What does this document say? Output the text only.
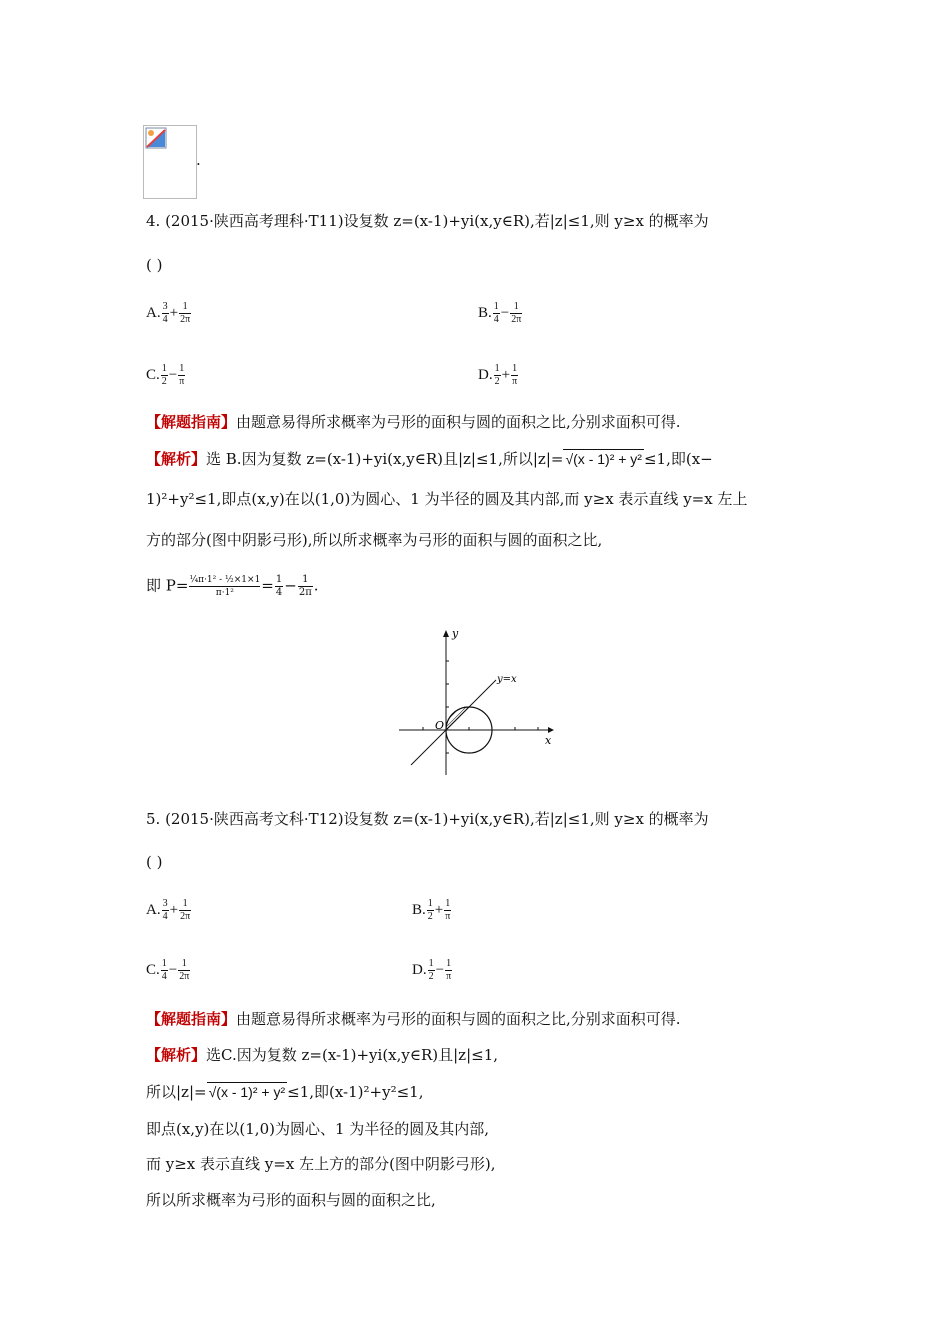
.
4. (2015·陕西高考理科·T11)设复数 z=(x-1)+yi(x,y∈R),若|z|≤1,则 y≥x 的概率为
( )
A. $\frac{3}{4} + \frac{1}{2\pi}$	B. $\frac{1}{4} - \frac{1}{2\pi}$
C. $\frac{1}{2} - \frac{1}{\pi}$	D. $\frac{1}{2} + \frac{1}{\pi}$
【解题指南】由题意易得所求概率为弓形的面积与圆的面积之比,分别求面积可得.
【解析】选 B.因为复数 z=(x-1)+yi(x,y∈R)且|z|≤1,所以|z|= √(x - 1)² + y² ≤1,即(x−
1)²+y²≤1,即点(x,y)在以(1,0)为圆心、1 为半径的圆及其内部,而 y≥x 表示直线 y=x 左上
方的部分(图中阴影弓形),所以所求概率为弓形的面积与圆的面积之比,
即 $P= \frac{\text{¼π·1² - ½×1×1}}{\text{π·1²}} = \frac{1}{4} - \frac{1}{2\pi}$ .
y
x
O
y=x
5. (2015·陕西高考文科·T12)设复数 z=(x-1)+yi(x,y∈R),若|z|≤1,则 y≥x 的概率为
( )
A. $\frac{3}{4} + \frac{1}{2\pi}$	B. $\frac{1}{2} + \frac{1}{\pi}$
C. $\frac{1}{4} - \frac{1}{2\pi}$	D. $\frac{1}{2} - \frac{1}{\pi}$
【解题指南】由题意易得所求概率为弓形的面积与圆的面积之比,分别求面积可得.
【解析】选C.因为复数 z=(x-1)+yi(x,y∈R)且|z|≤1,
所以|z|= √(x - 1)² + y² ≤1,即(x-1)²+y²≤1,
即点(x,y)在以(1,0)为圆心、1 为半径的圆及其内部,
而 y≥x 表示直线 y=x 左上方的部分(图中阴影弓形),
所以所求概率为弓形的面积与圆的面积之比,
